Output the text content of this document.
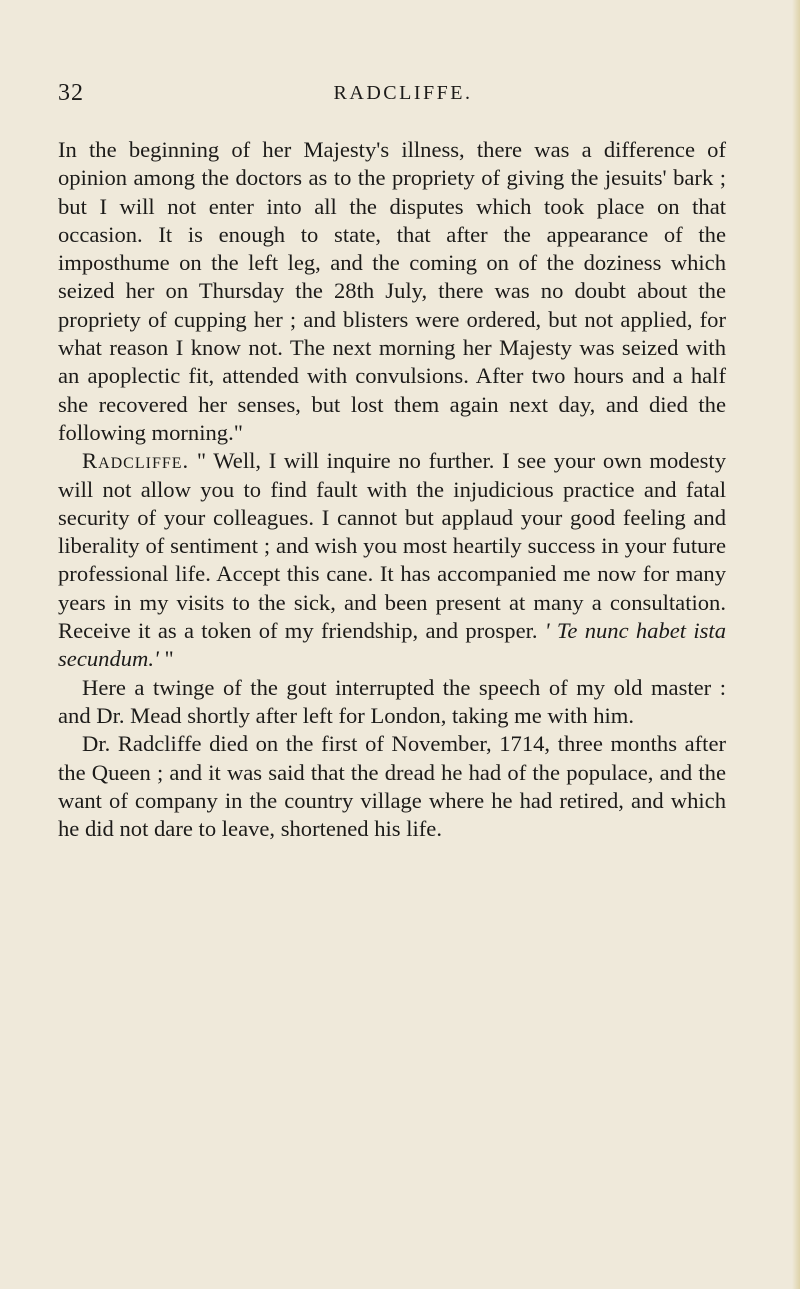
32	RADCLIFFE.

In the beginning of her Majesty's illness, there was a difference of opinion among the doctors as to the propriety of giving the jesuits' bark ; but I will not enter into all the disputes which took place on that occasion. It is enough to state, that after the appearance of the imposthume on the left leg, and the coming on of the doziness which seized her on Thursday the 28th July, there was no doubt about the propriety of cupping her ; and blisters were ordered, but not applied, for what reason I know not. The next morning her Majesty was seized with an apoplectic fit, attended with convulsions. After two hours and a half she recovered her senses, but lost them again next day, and died the following morning."

Radcliffe. " Well, I will inquire no further. I see your own modesty will not allow you to find fault with the injudicious practice and fatal security of your colleagues. I cannot but applaud your good feeling and liberality of sentiment ; and wish you most heartily success in your future professional life. Accept this cane. It has accompanied me now for many years in my visits to the sick, and been present at many a consultation. Receive it as a token of my friendship, and prosper. ' Te nunc habet ista secundum.' "

Here a twinge of the gout interrupted the speech of my old master : and Dr. Mead shortly after left for London, taking me with him.

Dr. Radcliffe died on the first of November, 1714, three months after the Queen ; and it was said that the dread he had of the populace, and the want of company in the country village where he had retired, and which he did not dare to leave, shortened his life.
